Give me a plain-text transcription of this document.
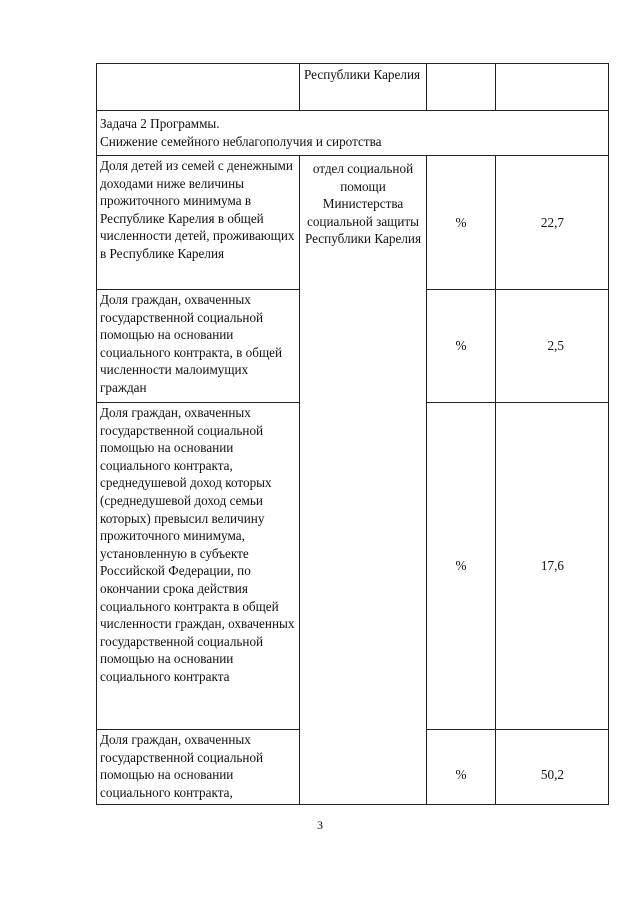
	Республики Карелия		

Задача 2 Программы.
Снижение семейного неблагополучия и сиротства			

Доля детей из семей с денежными доходами ниже величины прожиточного минимума в Республике Карелия в общей численности детей, проживающих в Республике Карелия	отдел социальной помощи Министерства социальной защиты Республики Карелия	%	22,7
Доля граждан, охваченных государственной социальной помощью на основании социального контракта, в общей численности малоимущих граждан		%	2,5
Доля граждан, охваченных государственной социальной помощью на основании социального контракта, среднедушевой доход которых (среднедушевой доход семьи которых) превысил величину прожиточного минимума, установленную в субъекте Российской Федерации, по окончании срока действия социального контракта в общей численности граждан, охваченных государственной социальной помощью на основании социального контракта		%	17,6
Доля граждан, охваченных государственной социальной помощью на основании социального контракта,		%	50,2
3
